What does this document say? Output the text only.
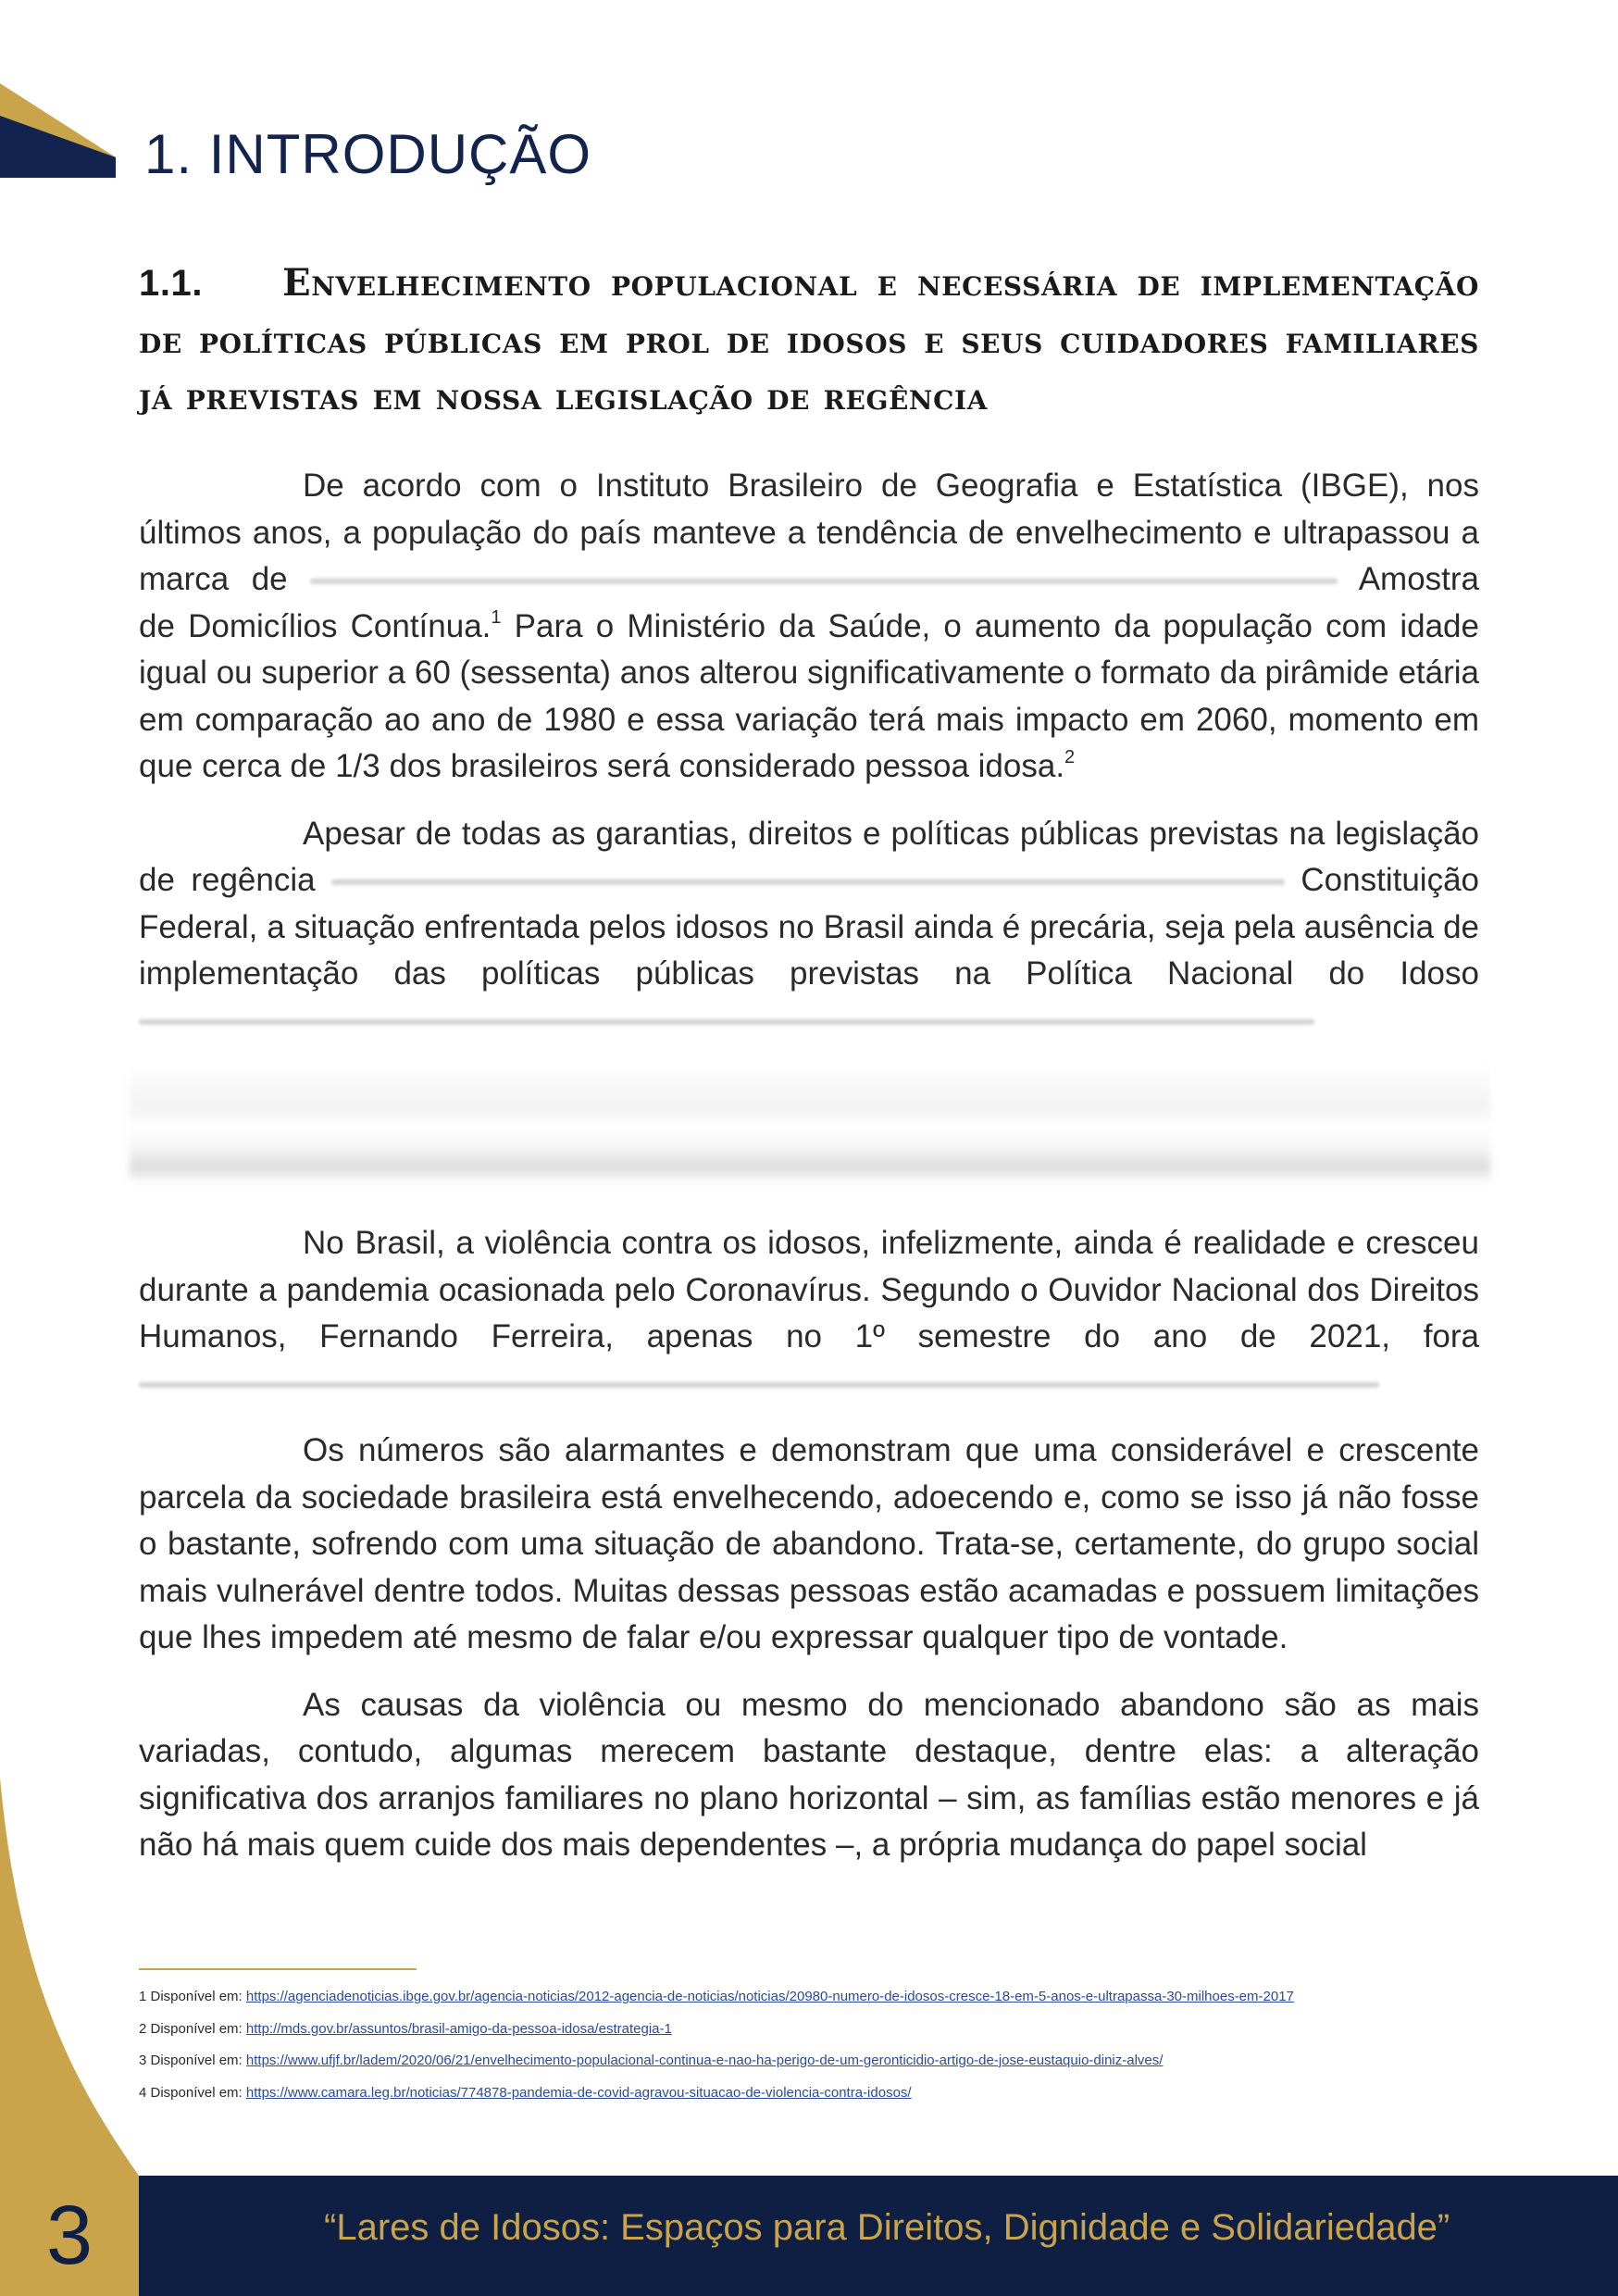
1. INTRODUÇÃO
1.1. Envelhecimento populacional e necessária de implementação de políticas públicas em prol de idosos e seus cuidadores familiares já previstas em nossa legislação de regência

De acordo com o Instituto Brasileiro de Geografia e Estatística (IBGE), nos últimos anos, a população do país manteve a tendência de envelhecimento e ultrapassou a marca de	Amostra de Domicílios Contínua.$^1$ Para o Ministério da Saúde, o aumento da população com idade igual ou superior a 60 (sessenta) anos alterou significativamente o formato da pirâmide etária em comparação ao ano de 1980 e essa variação terá mais impacto em 2060, momento em que cerca de 1/3 dos brasileiros será considerado pessoa idosa.$^2$

Apesar de todas as garantias, direitos e políticas públicas previstas na legislação de regência	Constituição Federal, a situação enfrentada pelos idosos no Brasil ainda é precária, seja pela ausência de implementação das políticas públicas previstas na Política Nacional do Idoso

No Brasil, a violência contra os idosos, infelizmente, ainda é realidade e cresceu durante a pandemia ocasionada pelo Coronavírus. Segundo o Ouvidor Nacional dos Direitos Humanos, Fernando Ferreira, apenas no 1º semestre do ano de 2021, fora

Os números são alarmantes e demonstram que uma considerável e crescente parcela da sociedade brasileira está envelhecendo, adoecendo e, como se isso já não fosse o bastante, sofrendo com uma situação de abandono. Trata-se, certamente, do grupo social mais vulnerável dentre todos. Muitas dessas pessoas estão acamadas e possuem limitações que lhes impedem até mesmo de falar e/ou expressar qualquer tipo de vontade.

As causas da violência ou mesmo do mencionado abandono são as mais variadas, contudo, algumas merecem bastante destaque, dentre elas: a alteração significativa dos arranjos familiares no plano horizontal – sim, as famílias estão menores e já não há mais quem cuide dos mais dependentes –, a própria mudança do papel social

1 Disponível em: https://agenciadenoticias.ibge.gov.br/agencia-noticias/2012-agencia-de-noticias/noticias/20980-numero-de-idosos-cresce-18-em-5-anos-e-ultrapassa-30-milhoes-em-2017
2 Disponível em: http://mds.gov.br/assuntos/brasil-amigo-da-pessoa-idosa/estrategia-1
3 Disponível em: https://www.ufjf.br/ladem/2020/06/21/envelhecimento-populacional-continua-e-nao-ha-perigo-de-um-geronticidio-artigo-de-jose-eustaquio-diniz-alves/
4 Disponível em: https://www.camara.leg.br/noticias/774878-pandemia-de-covid-agravou-situacao-de-violencia-contra-idosos/
3	“Lares de Idosos: Espaços para Direitos, Dignidade e Solidariedade”
